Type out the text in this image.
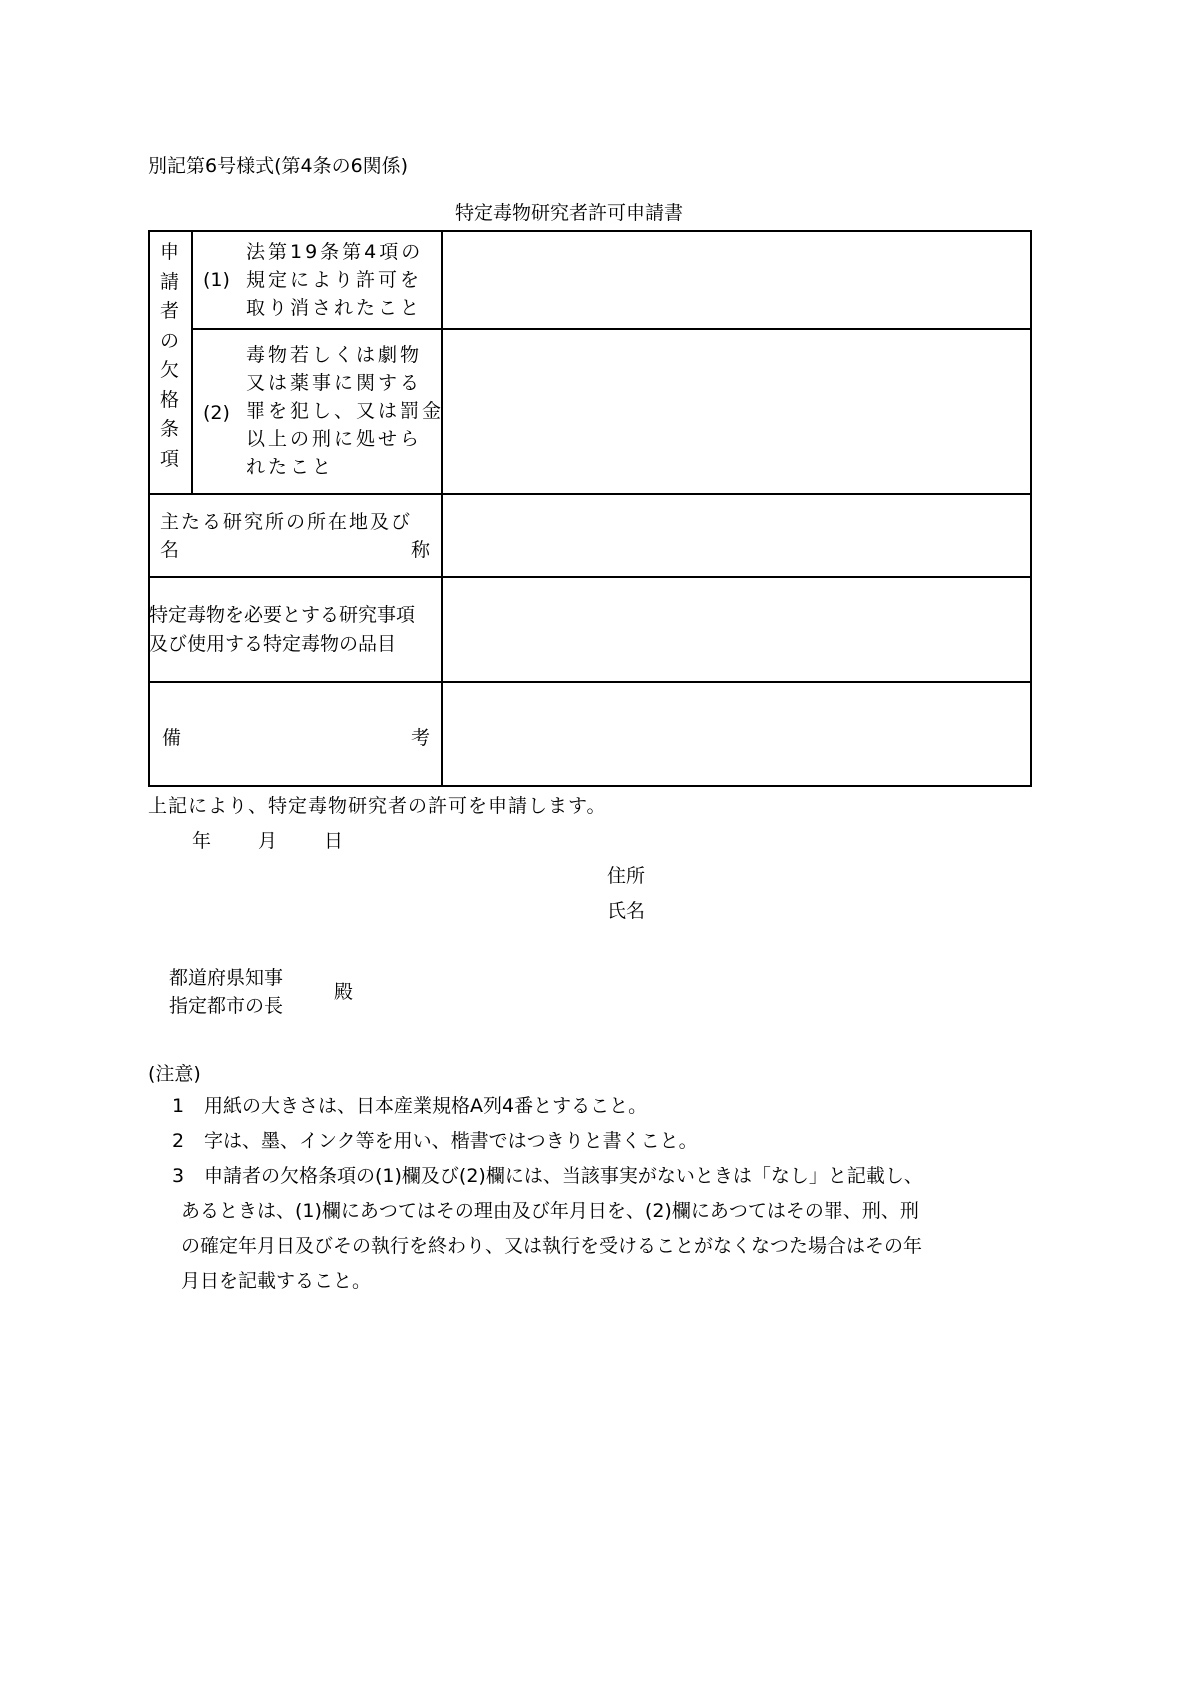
別記第6号様式(第4条の6関係)
特定毒物研究者許可申請書
申
請
者
の
欠
格
条
項
(1)
法第19条第4項の
規定により許可を
取り消されたこと
(2)
毒物若しくは劇物
又は薬事に関する
罪を犯し、又は罰金
以上の刑に処せら
れたこと
主たる研究所の所在地及び
名	称
特定毒物を必要とする研究事項
及び使用する特定毒物の品目
備	考
上記により、特定毒物研究者の許可を申請します。
年 月 日
住所
氏名
都道府県知事
指定都市の長
殿
(注意)
1 用紙の大きさは、日本産業規格A列4番とすること。
2 字は、墨、インク等を用い、楷書ではつきりと書くこと。
3 申請者の欠格条項の(1)欄及び(2)欄には、当該事実がないときは「なし」と記載し、
あるときは、(1)欄にあつてはその理由及び年月日を、(2)欄にあつてはその罪、刑、刑
の確定年月日及びその執行を終わり、又は執行を受けることがなくなつた場合はその年
月日を記載すること。
